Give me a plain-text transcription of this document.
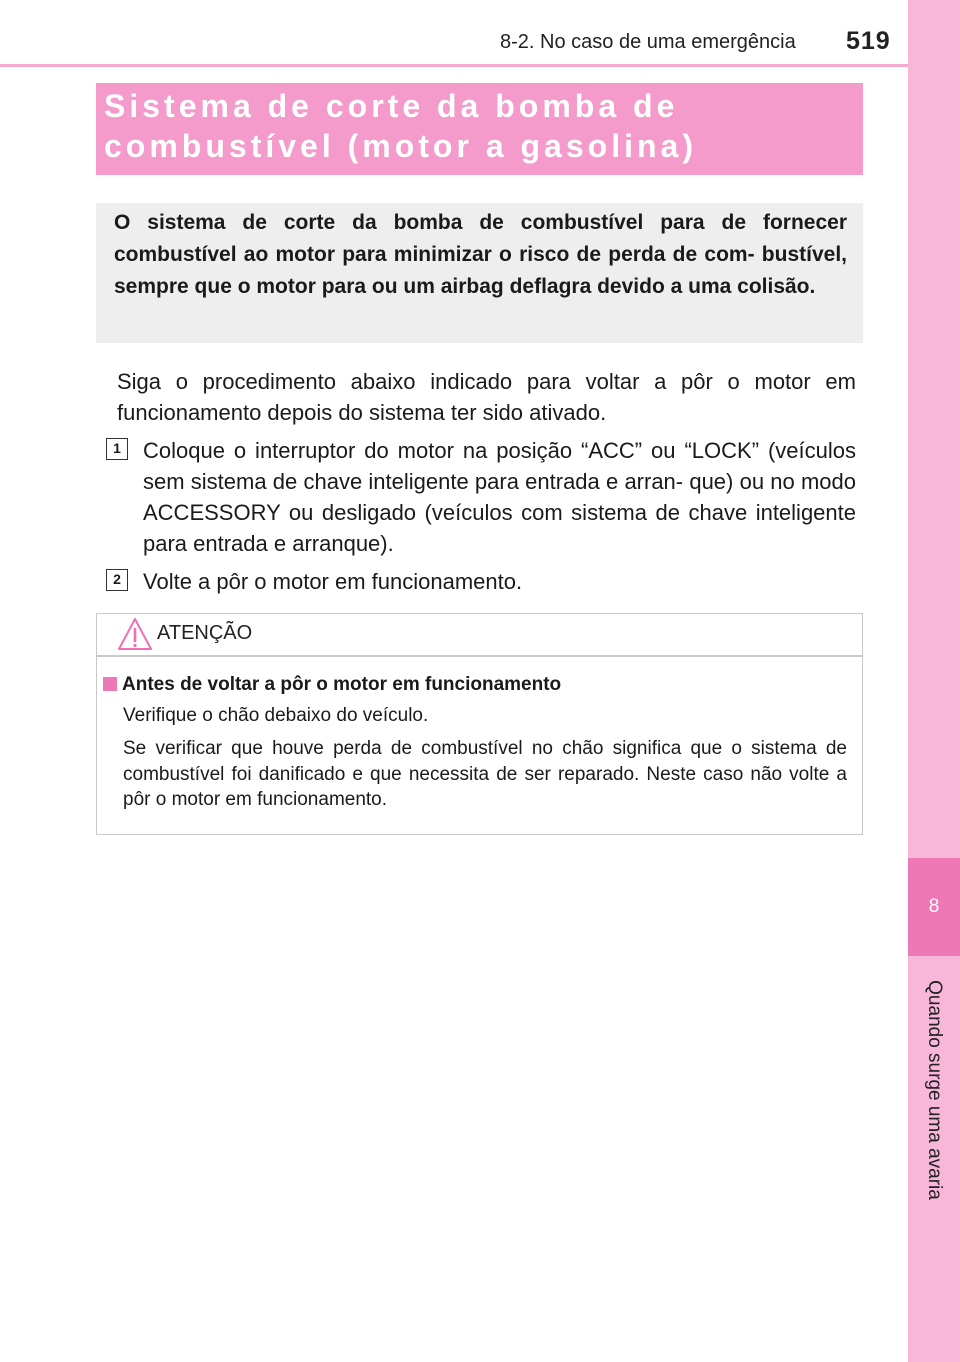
8-2. No caso de uma emergência 519
8
Quando surge uma avaria
Sistema de corte da bomba de combustível (motor a gasolina)

O sistema de corte da bomba de combustível para de fornecer combustível ao motor para minimizar o risco de perda de com- bustível, sempre que o motor para ou um airbag deflagra devido a uma colisão.

Siga o procedimento abaixo indicado para voltar a pôr o motor em funcionamento depois do sistema ter sido ativado.

1	Coloque o interruptor do motor na posição “ACC” ou “LOCK” (veículos sem sistema de chave inteligente para entrada e arran- que) ou no modo ACCESSORY ou desligado (veículos com sistema de chave inteligente para entrada e arranque).

2	Volte a pôr o motor em funcionamento.

ATENÇÃO
Antes de voltar a pôr o motor em funcionamento

Verifique o chão debaixo do veículo.

Se verificar que houve perda de combustível no chão significa que o sistema de combustível foi danificado e que necessita de ser reparado. Neste caso não volte a pôr o motor em funcionamento.
